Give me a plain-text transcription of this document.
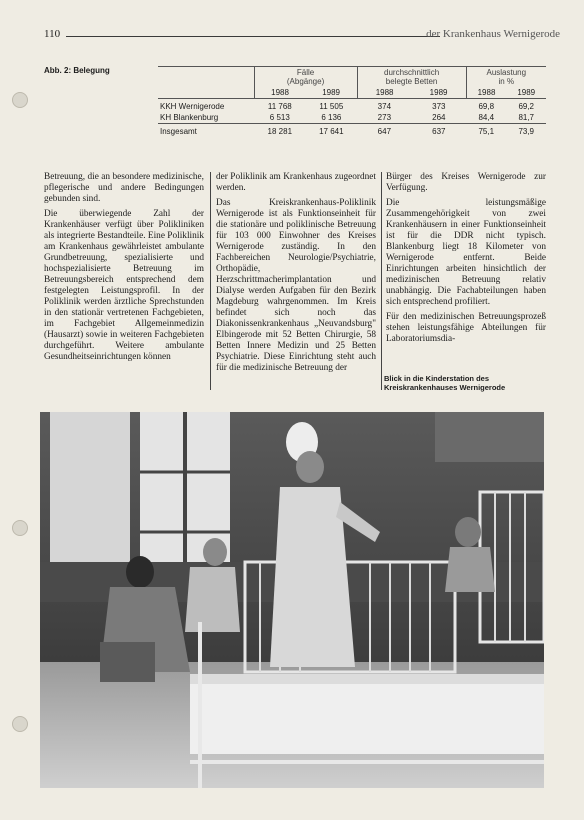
110	der Krankenhaus Wernigerode
Abb. 2: Belegung
		Fälle
(Abgänge)		durchschnittlich
belegte Betten		Auslastung
in %	
	1988	1989	1988	1989	1988	1989
KKH Wernigerode	11 768	11 505	374	373	69,8	69,2
KH Blankenburg	6 513	6 136	273	264	84,4	81,7
Insgesamt	18 281	17 641	647	637	75,1	73,9

Betreuung, die an besondere medizinische, pflegerische und andere Bedingungen gebunden sind.

Die überwiegende Zahl der Krankenhäuser verfügt über Polikliniken als integrierte Bestandteile. Eine Poliklinik am Krankenhaus gewährleistet ambulante Grundbetreuung, spezialisierte und hochspezialisierte Betreuung im Betreuungsbereich entsprechend dem festgelegten Leistungsprofil. In der Poliklinik werden ärztliche Sprechstunden in den stationär vertretenen Fachgebieten, im Fachgebiet Allgemeinmedizin (Hausarzt) sowie in weiteren Fachgebieten durchgeführt. Weitere ambulante Gesundheitseinrichtungen können

der Poliklinik am Krankenhaus zugeordnet werden.

Das Kreiskrankenhaus-Poliklinik Wernigerode ist als Funktionseinheit für die stationäre und poliklinische Betreuung für 103 000 Einwohner des Kreises Wernigerode zuständig. In den Fachbereichen Neurologie/Psychiatrie, Orthopädie, Herzschrittmacherimplantation und Dialyse werden Aufgaben für den Bezirk Magdeburg wahrgenommen. Im Kreis befindet sich noch das Diakonissenkrankenhaus „Neuvandsburg" Elbingerode mit 52 Betten Chirurgie, 58 Betten Innere Medizin und 25 Betten Psychiatrie. Diese Einrichtung steht auch für die medizinische Betreuung der

Bürger des Kreises Wernigerode zur Verfügung.

Die leistungsmäßige Zusammengehörigkeit von zwei Krankenhäusern in einer Funktionseinheit ist für die DDR nicht typisch. Blankenburg liegt 18 Kilometer von Wernigerode entfernt. Beide Einrichtungen arbeiten hinsichtlich der medizinischen Betreuung relativ unabhängig. Die Fachabteilungen haben sich entsprechend profiliert.

Für den medizinischen Betreuungsprozeß stehen leistungsfähige Abteilungen für Laboratoriumsdia-

Blick in die Kinderstation des Kreiskrankenhauses Wernigerode
